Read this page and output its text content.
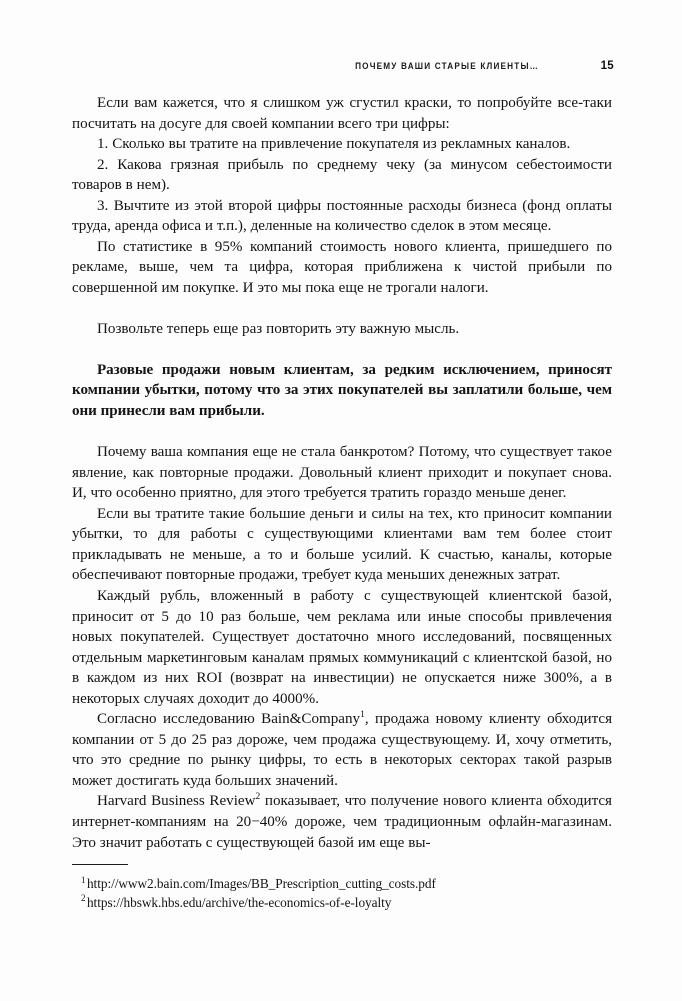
ПОЧЕМУ ВАШИ СТАРЫЕ КЛИЕНТЫ…	15

Если вам кажется, что я слишком уж сгустил краски, то попробуйте все-таки посчитать на досуге для своей компании всего три цифры:

1. Сколько вы тратите на привлечение покупателя из рекламных каналов.

2. Какова грязная прибыль по среднему чеку (за минусом себестоимости товаров в нем).

3. Вычтите из этой второй цифры постоянные расходы бизнеса (фонд оплаты труда, аренда офиса и т.п.), деленные на количество сделок в этом месяце.

По статистике в 95% компаний стоимость нового клиента, пришедшего по рекламе, выше, чем та цифра, которая приближена к чистой прибыли по совершенной им покупке. И это мы пока еще не трогали налоги.

Позвольте теперь еще раз повторить эту важную мысль.

Разовые продажи новым клиентам, за редким исключением, приносят компании убытки, потому что за этих покупателей вы заплатили больше, чем они принесли вам прибыли.

Почему ваша компания еще не стала банкротом? Потому, что существует такое явление, как повторные продажи. Довольный клиент приходит и покупает снова. И, что особенно приятно, для этого требуется тратить гораздо меньше денег.

Если вы тратите такие большие деньги и силы на тех, кто приносит компании убытки, то для работы с существующими клиентами вам тем более стоит прикладывать не меньше, а то и больше усилий. К счастью, каналы, которые обеспечивают повторные продажи, требует куда меньших денежных затрат.

Каждый рубль, вложенный в работу с существующей клиентской базой, приносит от 5 до 10 раз больше, чем реклама или иные способы привлечения новых покупателей. Существует достаточно много исследований, посвященных отдельным маркетинговым каналам прямых коммуникаций с клиентской базой, но в каждом из них ROI (возврат на инвестиции) не опускается ниже 300%, а в некоторых случаях доходит до 4000%.

Согласно исследованию Bain&Company$^1$, продажа новому клиенту обходится компании от 5 до 25 раз дороже, чем продажа существующему. И, хочу отметить, что это средние по рынку цифры, то есть в некоторых секторах такой разрыв может достигать куда больших значений.

Harvard Business Review$^2$ показывает, что получение нового клиента обходится интернет-компаниям на 20−40% дороже, чем традиционным офлайн-магазинам. Это значит работать с существующей базой им еще вы-

$^1$ http://www2.bain.com/Images/BB_Prescription_cutting_costs.pdf

$^2$ https://hbswk.hbs.edu/archive/the-economics-of-e-loyalty
